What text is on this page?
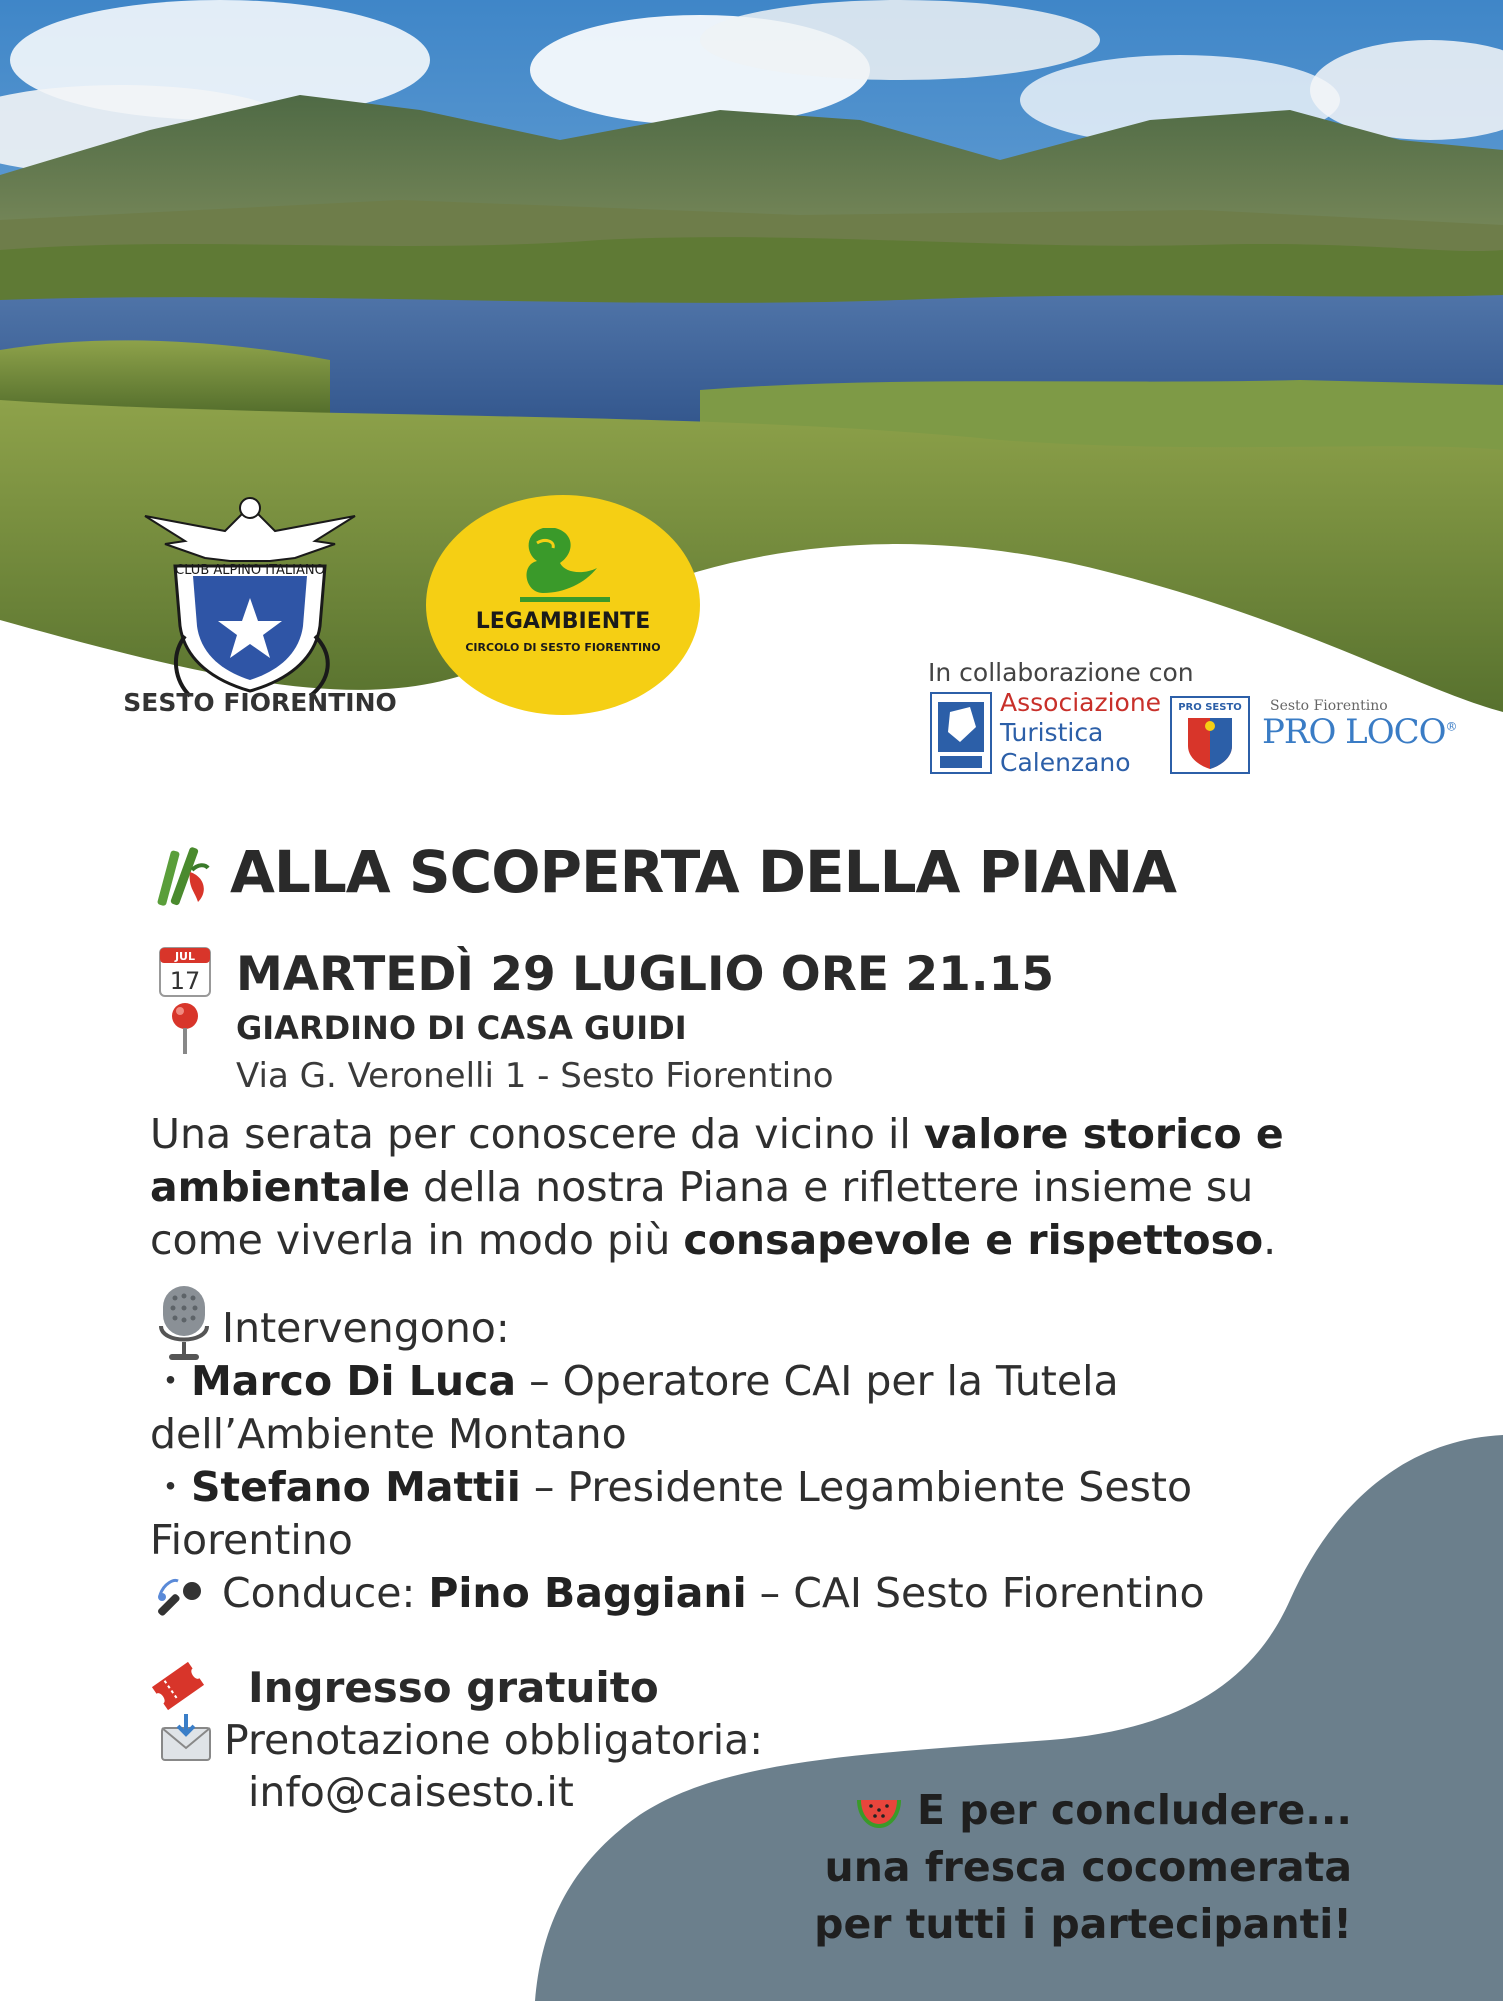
CLUB ALPINO ITALIANO
SESTO FIORENTINO
LEGAMBIENTE
CIRCOLO DI SESTO FIORENTINO
In collaborazione con
Associazione
Turistica
Calenzano
PRO SESTO Sesto Fiorentino
PRO LOCO®
ALLA SCOPERTA DELLA PIANA
JUL
17 MARTEDÌ 29 LUGLIO ORE 21.15
GIARDINO DI CASA GUIDI
Via G. Veronelli 1 - Sesto Fiorentino
Una serata per conoscere da vicino il valore storico e ambientale della nostra Piana e riflettere insieme su come viverla in modo più consapevole e rispettoso.
Intervengono:
・Marco Di Luca – Operatore CAI per la Tutela dell’Ambiente Montano
・Stefano Mattii – Presidente Legambiente Sesto Fiorentino
Conduce: Pino Baggiani – CAI Sesto Fiorentino
Ingresso gratuito
Prenotazione obbligatoria:
info@caisesto.it	E per concludere...
una fresca cocomerata
per tutti i partecipanti!
